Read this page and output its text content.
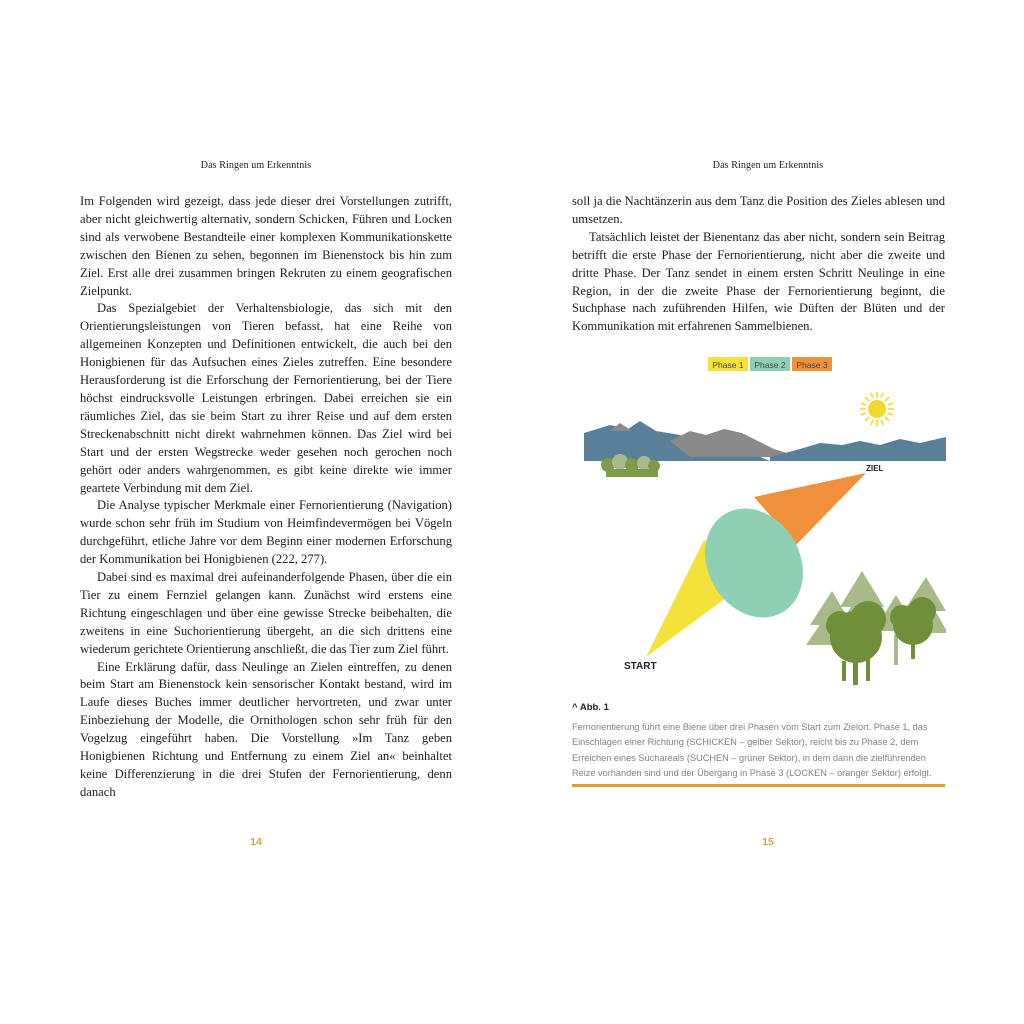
Das Ringen um Erkenntnis

Im Folgenden wird gezeigt, dass jede dieser drei Vorstellungen zutrifft, aber nicht gleichwertig alternativ, sondern Schicken, Führen und Locken sind als verwobene Bestandteile einer komplexen Kommunikationskette zwischen den Bienen zu sehen, begonnen im Bienenstock bis hin zum Ziel. Erst alle drei zusammen bringen Rekruten zu einem geografischen Zielpunkt.

Das Spezialgebiet der Verhaltensbiologie, das sich mit den Orientierungsleistungen von Tieren befasst, hat eine Reihe von allgemeinen Konzepten und Definitionen entwickelt, die auch bei den Honigbienen für das Aufsuchen eines Zieles zutreffen. Eine besondere Herausforderung ist die Erforschung der Fernorientierung, bei der Tiere höchst eindrucksvolle Leistungen erbringen. Dabei erreichen sie ein räumliches Ziel, das sie beim Start zu ihrer Reise und auf dem ersten Streckenabschnitt nicht direkt wahrnehmen können. Das Ziel wird bei Start und der ersten Wegstrecke weder gesehen noch gerochen noch gehört oder anders wahrgenommen, es gibt keine direkte wie immer geartete Verbindung mit dem Ziel.

Die Analyse typischer Merkmale einer Fernorientierung (Navigation) wurde schon sehr früh im Studium von Heimfindevermögen bei Vögeln durchgeführt, etliche Jahre vor dem Beginn einer modernen Erforschung der Kommunikation bei Honigbienen (222, 277).

Dabei sind es maximal drei aufeinanderfolgende Phasen, über die ein Tier zu einem Fernziel gelangen kann. Zunächst wird erstens eine Richtung eingeschlagen und über eine gewisse Strecke beibehalten, die zweitens in eine Suchorientierung übergeht, an die sich drittens eine wiederum gerichtete Orientierung anschließt, die das Tier zum Ziel führt.

Eine Erklärung dafür, dass Neulinge an Zielen eintreffen, zu denen beim Start am Bienenstock kein sensorischer Kontakt bestand, wird im Laufe dieses Buches immer deutlicher hervortreten, und zwar unter Einbeziehung der Modelle, die Ornithologen schon sehr früh für den Vogelzug eingeführt haben. Die Vorstellung »Im Tanz geben Honigbienen Richtung und Entfernung zu einem Ziel an« beinhaltet keine Differenzierung in die drei Stufen der Fernorientierung, denn danach

14
Das Ringen um Erkenntnis

soll ja die Nachtänzerin aus dem Tanz die Position des Zieles ablesen und umsetzen.

Tatsächlich leistet der Bienentanz das aber nicht, sondern sein Beitrag betrifft die erste Phase der Fernorientierung, nicht aber die zweite und dritte Phase. Der Tanz sendet in einem ersten Schritt Neulinge in eine Region, in der die zweite Phase der Fernorientierung beginnt, die Suchphase nach zuführenden Hilfen, wie Düften der Blüten und der Kommunikation mit erfahrenen Sammelbienen.

Phase 1 Phase 2 Phase 3
ZIEL
START
^ Abb. 1
Fernorientierung führt eine Biene über drei Phasen vom Start zum Zielort. Phase 1, das Einschlagen einer Richtung (SCHICKEN – gelber Sektor), reicht bis zu Phase 2, dem Erreichen eines Suchareals (SUCHEN – grüner Sektor), in dem dann die zielführenden Reize vorhanden sind und der Übergang in Phase 3 (LOCKEN – oranger Sektor) erfolgt.
15
